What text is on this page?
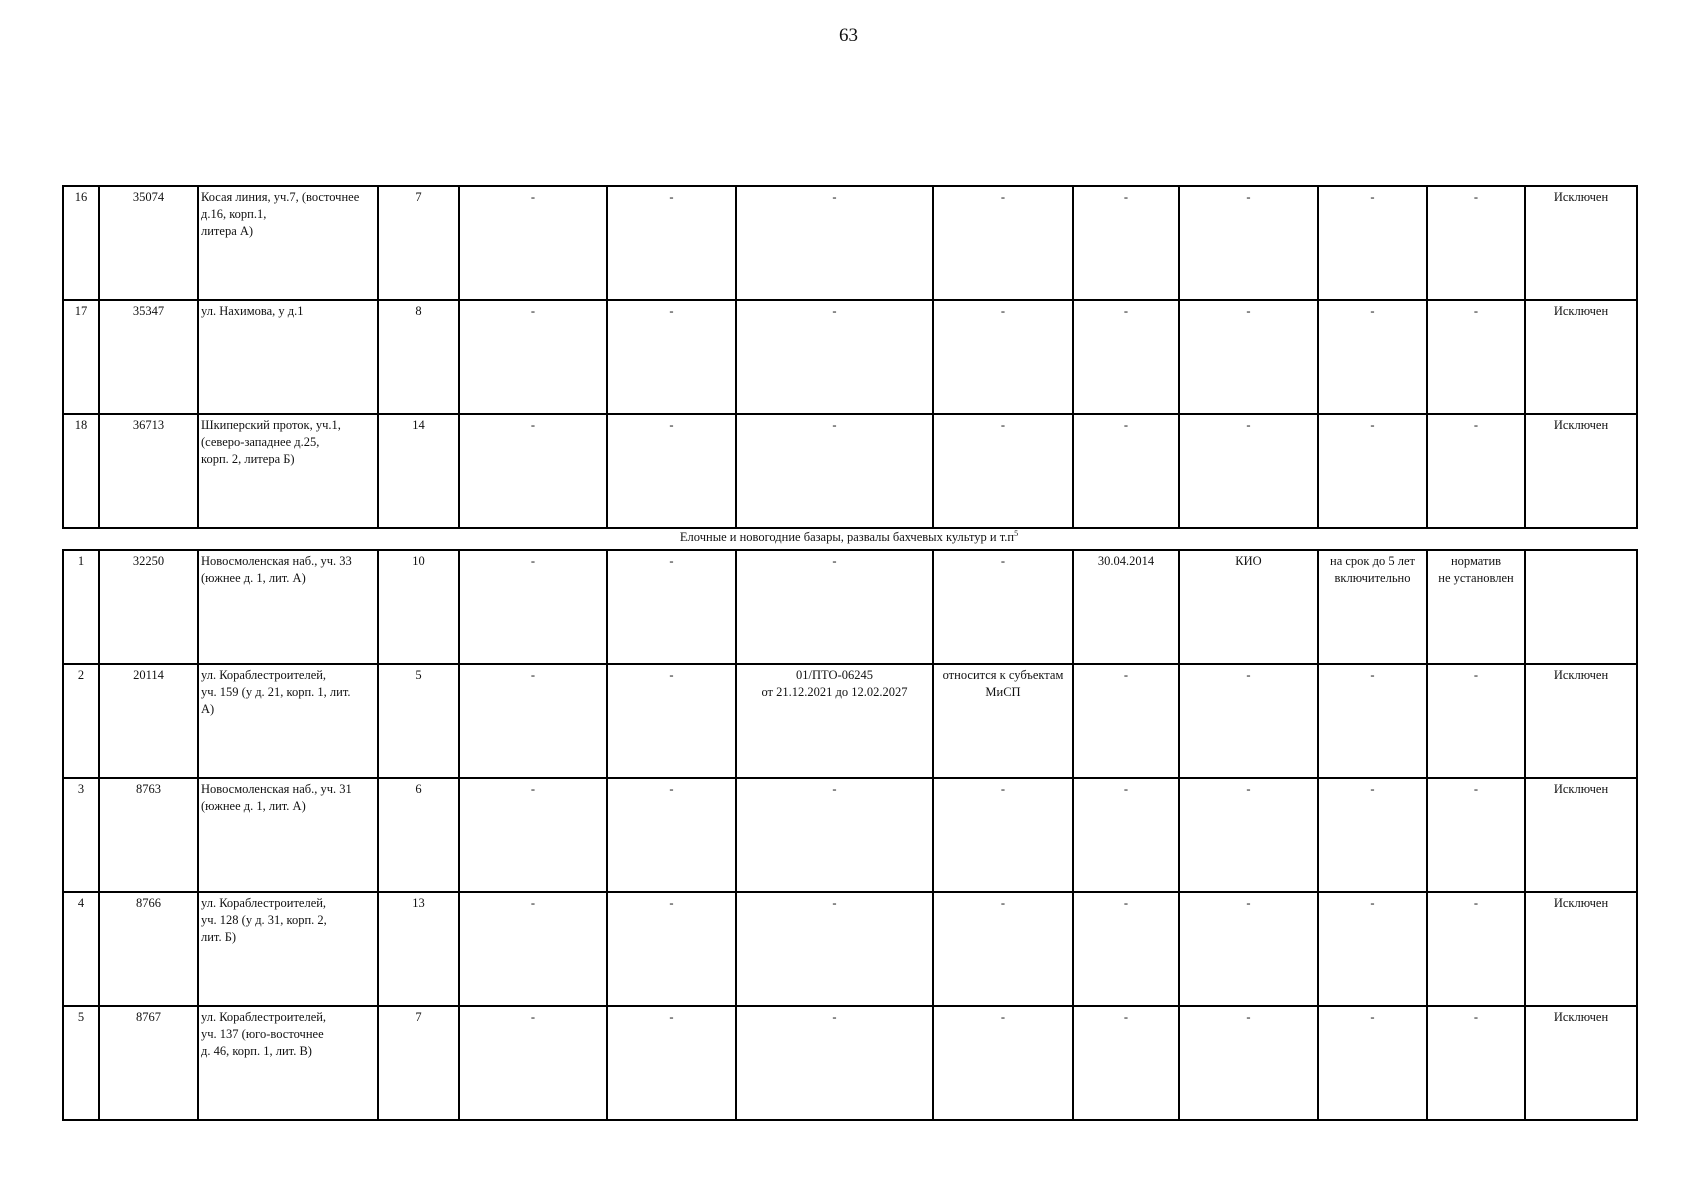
63
16	35074	Косая линия, уч.7, (восточнее
д.16, корп.1,
литера А)	7	-	-	-	-	-	-	-	-	Исключен
17	35347	ул. Нахимова, у д.1	8	-	-	-	-	-	-	-	-	Исключен
18	36713	Шкиперский проток, уч.1,
(северо-западнее д.25,
корп. 2, литера Б)	14	-	-	-	-	-	-	-	-	Исключен
Елочные и новогодние базары, развалы бахчевых культур и $т.п^5$
1	32250	Новосмоленская наб., уч. 33
(южнее д. 1, лит. А)	10	-	-	-	-	30.04.2014	КИО	на срок до 5 лет
включительно	норматив
не установлен	
2	20114	ул. Кораблестроителей,
уч. 159 (у д. 21, корп. 1, лит.
А)	5	-	-	01/ПТО-06245
от 21.12.2021 до 12.02.2027	относится к субъектам
МиСП	-	-	-	-	Исключен
3	8763	Новосмоленская наб., уч. 31
(южнее д. 1, лит. А)	6	-	-	-	-	-	-	-	-	Исключен
4	8766	ул. Кораблестроителей,
уч. 128 (у д. 31, корп. 2,
лит. Б)	13	-	-	-	-	-	-	-	-	Исключен
5	8767	ул. Кораблестроителей,
уч. 137 (юго-восточнее
д. 46, корп. 1, лит. В)	7	-	-	-	-	-	-	-	-	Исключен
